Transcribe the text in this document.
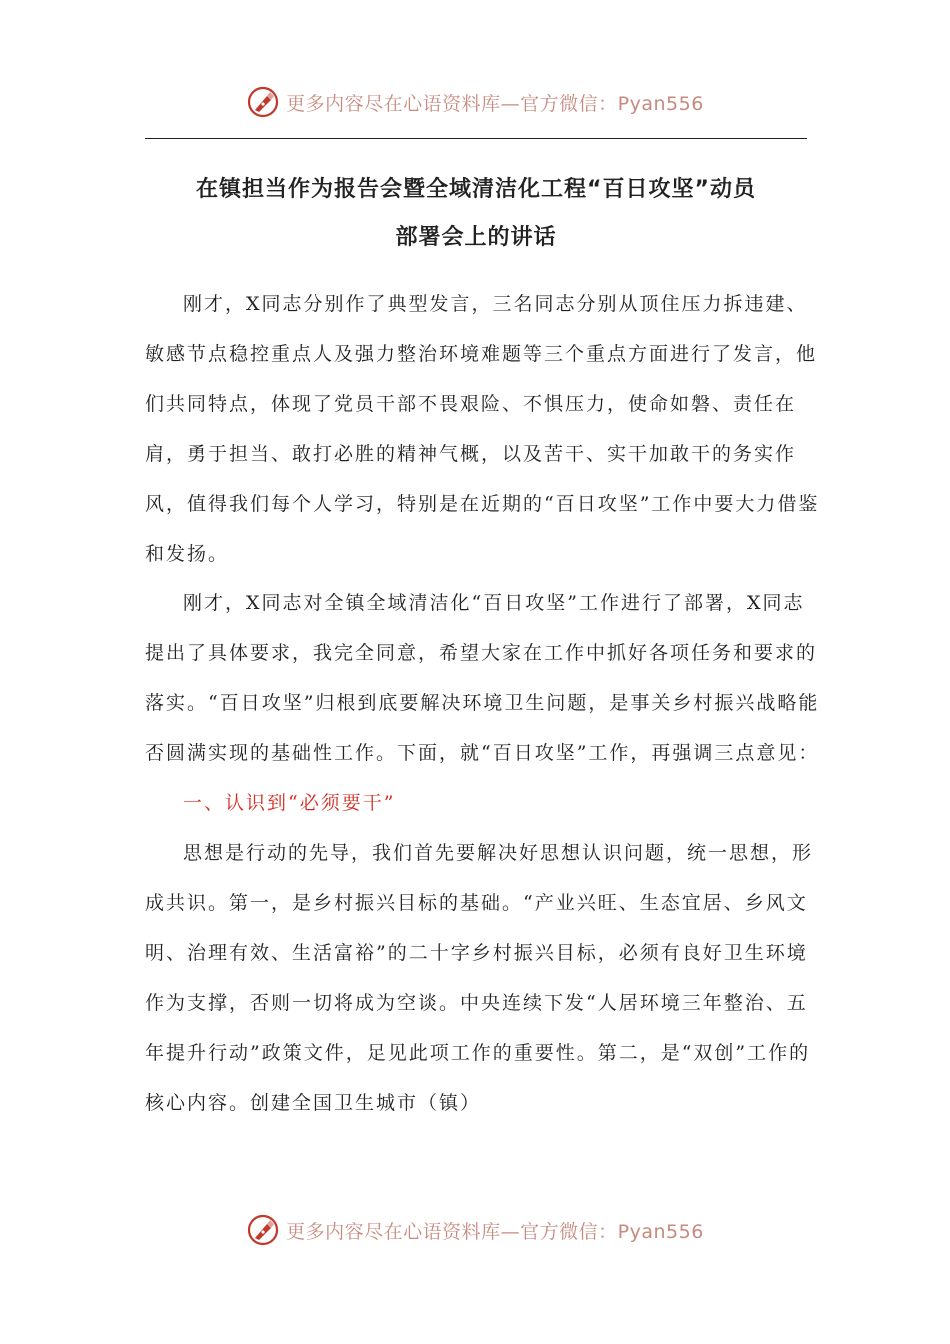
更多内容尽在心语资料库—官方微信：Pyan556
在镇担当作为报告会暨全域清洁化工程“百日攻坚”动员
部署会上的讲话

刚才，X同志分别作了典型发言，三名同志分别从顶住压力拆违建、敏感节点稳控重点人及强力整治环境难题等三个重点方面进行了发言，他们共同特点，体现了党员干部不畏艰险、不惧压力，使命如磐、责任在肩，勇于担当、敢打必胜的精神气概，以及苦干、实干加敢干的务实作风，值得我们每个人学习，特别是在近期的“百日攻坚”工作中要大力借鉴和发扬。

刚才，X同志对全镇全域清洁化“百日攻坚”工作进行了部署，X同志提出了具体要求，我完全同意，希望大家在工作中抓好各项任务和要求的落实。“百日攻坚”归根到底要解决环境卫生问题，是事关乡村振兴战略能否圆满实现的基础性工作。下面，就“百日攻坚”工作，再强调三点意见：

一、认识到“必须要干”

思想是行动的先导，我们首先要解决好思想认识问题，统一思想，形成共识。第一，是乡村振兴目标的基础。“产业兴旺、生态宜居、乡风文明、治理有效、生活富裕”的二十字乡村振兴目标，必须有良好卫生环境作为支撑，否则一切将成为空谈。中央连续下发“人居环境三年整治、五年提升行动”政策文件，足见此项工作的重要性。第二，是“双创”工作的核心内容。创建全国卫生城市（镇）

更多内容尽在心语资料库—官方微信：Pyan556
